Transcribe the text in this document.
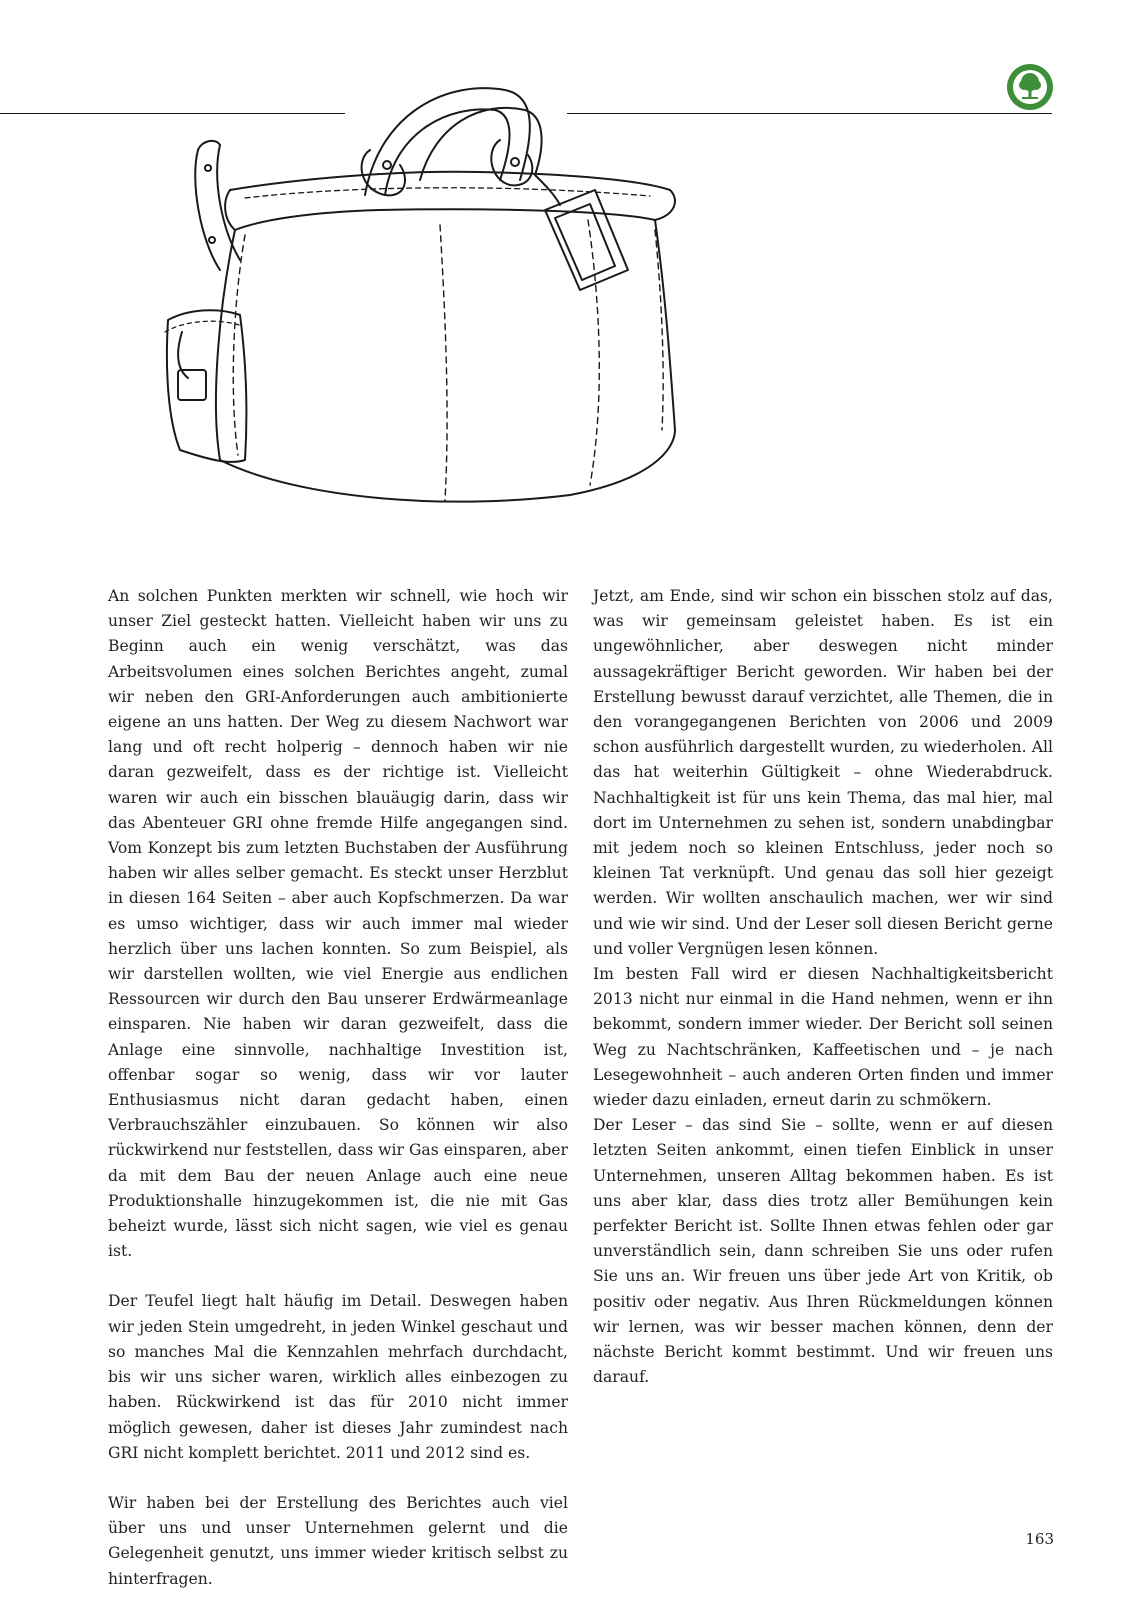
An solchen Punkten merkten wir schnell, wie hoch wir unser Ziel gesteckt hatten. Vielleicht haben wir uns zu Beginn auch ein wenig verschätzt, was das Arbeitsvolumen eines solchen Berichtes angeht, zumal wir neben den GRI-Anforderungen auch ambitionierte eigene an uns hatten. Der Weg zu diesem Nachwort war lang und oft recht holperig – dennoch haben wir nie daran gezweifelt, dass es der richtige ist. Vielleicht waren wir auch ein bisschen blauäugig darin, dass wir das Abenteuer GRI ohne fremde Hilfe angegangen sind. Vom Konzept bis zum letzten Buchstaben der Ausführung haben wir alles selber gemacht. Es steckt unser Herzblut in diesen 164 Seiten – aber auch Kopfschmerzen. Da war es umso wichtiger, dass wir auch immer mal wieder herzlich über uns lachen konnten. So zum Beispiel, als wir darstellen wollten, wie viel Energie aus endlichen Ressourcen wir durch den Bau unserer Erdwärmeanlage einsparen. Nie haben wir daran gezweifelt, dass die Anlage eine sinnvolle, nachhaltige Investition ist, offenbar sogar so wenig, dass wir vor lauter Enthusiasmus nicht daran gedacht haben, einen Verbrauchszähler einzubauen. So können wir also rückwirkend nur feststellen, dass wir Gas einsparen, aber da mit dem Bau der neuen Anlage auch eine neue Produktionshalle hinzugekommen ist, die nie mit Gas beheizt wurde, lässt sich nicht sagen, wie viel es genau ist.

Der Teufel liegt halt häufig im Detail. Deswegen haben wir jeden Stein umgedreht, in jeden Winkel geschaut und so manches Mal die Kennzahlen mehrfach durchdacht, bis wir uns sicher waren, wirklich alles einbezogen zu haben. Rückwirkend ist das für 2010 nicht immer möglich gewesen, daher ist dieses Jahr zumindest nach GRI nicht komplett berichtet. 2011 und 2012 sind es.

Wir haben bei der Erstellung des Berichtes auch viel über uns und unser Unternehmen gelernt und die Gelegenheit genutzt, uns immer wieder kritisch selbst zu hinterfragen.

Jetzt, am Ende, sind wir schon ein bisschen stolz auf das, was wir gemeinsam geleistet haben. Es ist ein ungewöhnlicher, aber deswegen nicht minder aussagekräftiger Bericht geworden. Wir haben bei der Erstellung bewusst darauf verzichtet, alle Themen, die in den vorangegangenen Berichten von 2006 und 2009 schon ausführlich dargestellt wurden, zu wiederholen. All das hat weiterhin Gültigkeit – ohne Wiederabdruck. Nachhaltigkeit ist für uns kein Thema, das mal hier, mal dort im Unternehmen zu sehen ist, sondern unabdingbar mit jedem noch so kleinen Entschluss, jeder noch so kleinen Tat verknüpft. Und genau das soll hier gezeigt werden. Wir wollten anschaulich machen, wer wir sind und wie wir sind. Und der Leser soll diesen Bericht gerne und voller Vergnügen lesen können.

Im besten Fall wird er diesen Nachhaltigkeitsbericht 2013 nicht nur einmal in die Hand nehmen, wenn er ihn bekommt, sondern immer wieder. Der Bericht soll seinen Weg zu Nachtschränken, Kaffeetischen und – je nach Lesegewohnheit – auch anderen Orten finden und immer wieder dazu einladen, erneut darin zu schmökern.

Der Leser – das sind Sie – sollte, wenn er auf diesen letzten Seiten ankommt, einen tiefen Einblick in unser Unternehmen, unseren Alltag bekommen haben. Es ist uns aber klar, dass dies trotz aller Bemühungen kein perfekter Bericht ist. Sollte Ihnen etwas fehlen oder gar unverständlich sein, dann schreiben Sie uns oder rufen Sie uns an. Wir freuen uns über jede Art von Kritik, ob positiv oder negativ. Aus Ihren Rückmeldungen können wir lernen, was wir besser machen können, denn der nächste Bericht kommt bestimmt. Und wir freuen uns darauf.

163
